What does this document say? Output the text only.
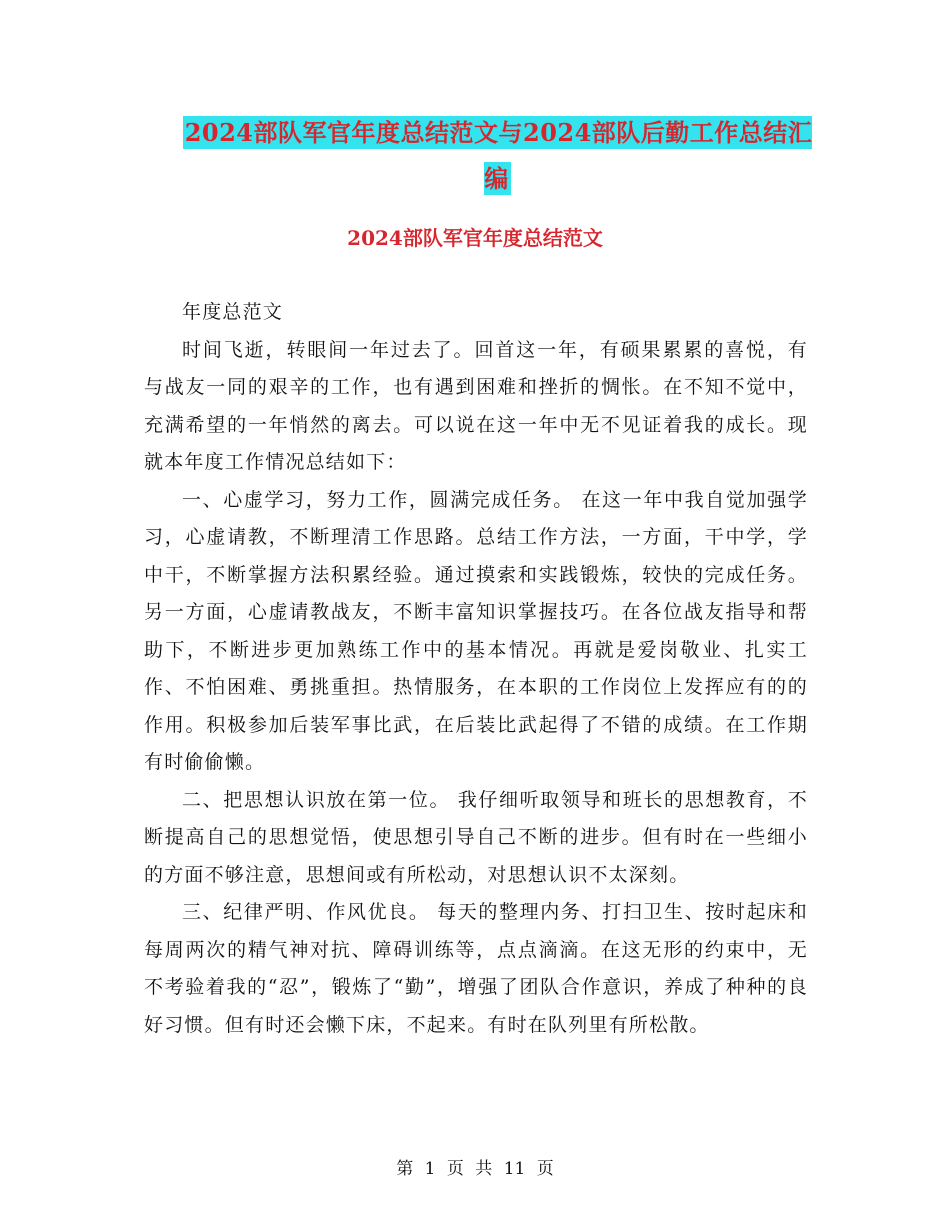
2024部队军官年度总结范文与2024部队后勤工作总结汇编
2024部队军官年度总结范文

年度总范文

时间飞逝，转眼间一年过去了。回首这一年，有硕果累累的喜悦，有与战友一同的艰辛的工作，也有遇到困难和挫折的惆怅。在不知不觉中，充满希望的一年悄然的离去。可以说在这一年中无不见证着我的成长。现就本年度工作情况总结如下：

一、心虚学习，努力工作，圆满完成任务。 在这一年中我自觉加强学习，心虚请教，不断理清工作思路。总结工作方法，一方面，干中学，学中干，不断掌握方法积累经验。通过摸索和实践锻炼，较快的完成任务。另一方面，心虚请教战友，不断丰富知识掌握技巧。在各位战友指导和帮助下，不断进步更加熟练工作中的基本情况。再就是爱岗敬业、扎实工作、不怕困难、勇挑重担。热情服务，在本职的工作岗位上发挥应有的的作用。积极参加后装军事比武，在后装比武起得了不错的成绩。在工作期有时偷偷懒。

二、把思想认识放在第一位。 我仔细听取领导和班长的思想教育，不断提高自己的思想觉悟，使思想引导自己不断的进步。但有时在一些细小的方面不够注意，思想间或有所松动，对思想认识不太深刻。

三、纪律严明、作风优良。 每天的整理内务、打扫卫生、按时起床和每周两次的精气神对抗、障碍训练等，点点滴滴。在这无形的约束中，无不考验着我的“忍”，锻炼了“勤”，增强了团队合作意识，养成了种种的良好习惯。但有时还会懒下床，不起来。有时在队列里有所松散。

第 1 页 共 11 页
